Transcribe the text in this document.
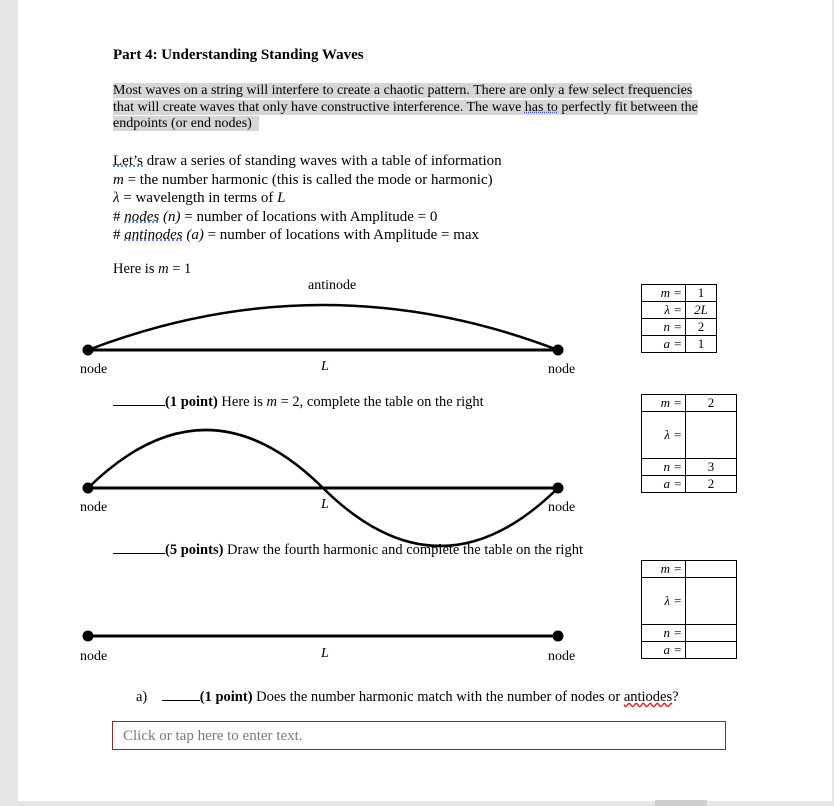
Part 4: Understanding Standing Waves
Most waves on a string will interfere to create a chaotic pattern. There are only a few select frequencies
that will create waves that only have constructive interference. The wave has to perfectly fit between the
endpoints (or end nodes)
Let’s draw a series of standing waves with a table of information
m = the number harmonic (this is called the mode or harmonic)
λ = wavelength in terms of L
# nodes (n) = number of locations with Amplitude = 0
# antinodes (a) = number of locations with Amplitude = max
Here is m = 1
antinode
node	L	node
m =	1
λ =	2L
n =	2
a =	1
(1 point) Here is m = 2, complete the table on the right
node	L	node
m =	2
λ =	
n =	3
a =	2
(5 points) Draw the fourth harmonic and complete the table on the right
node	L	node
m =	
λ =	
n =	
a =	
a)	(1 point) Does the number harmonic match with the number of nodes or antiodes?
Click or tap here to enter text.
